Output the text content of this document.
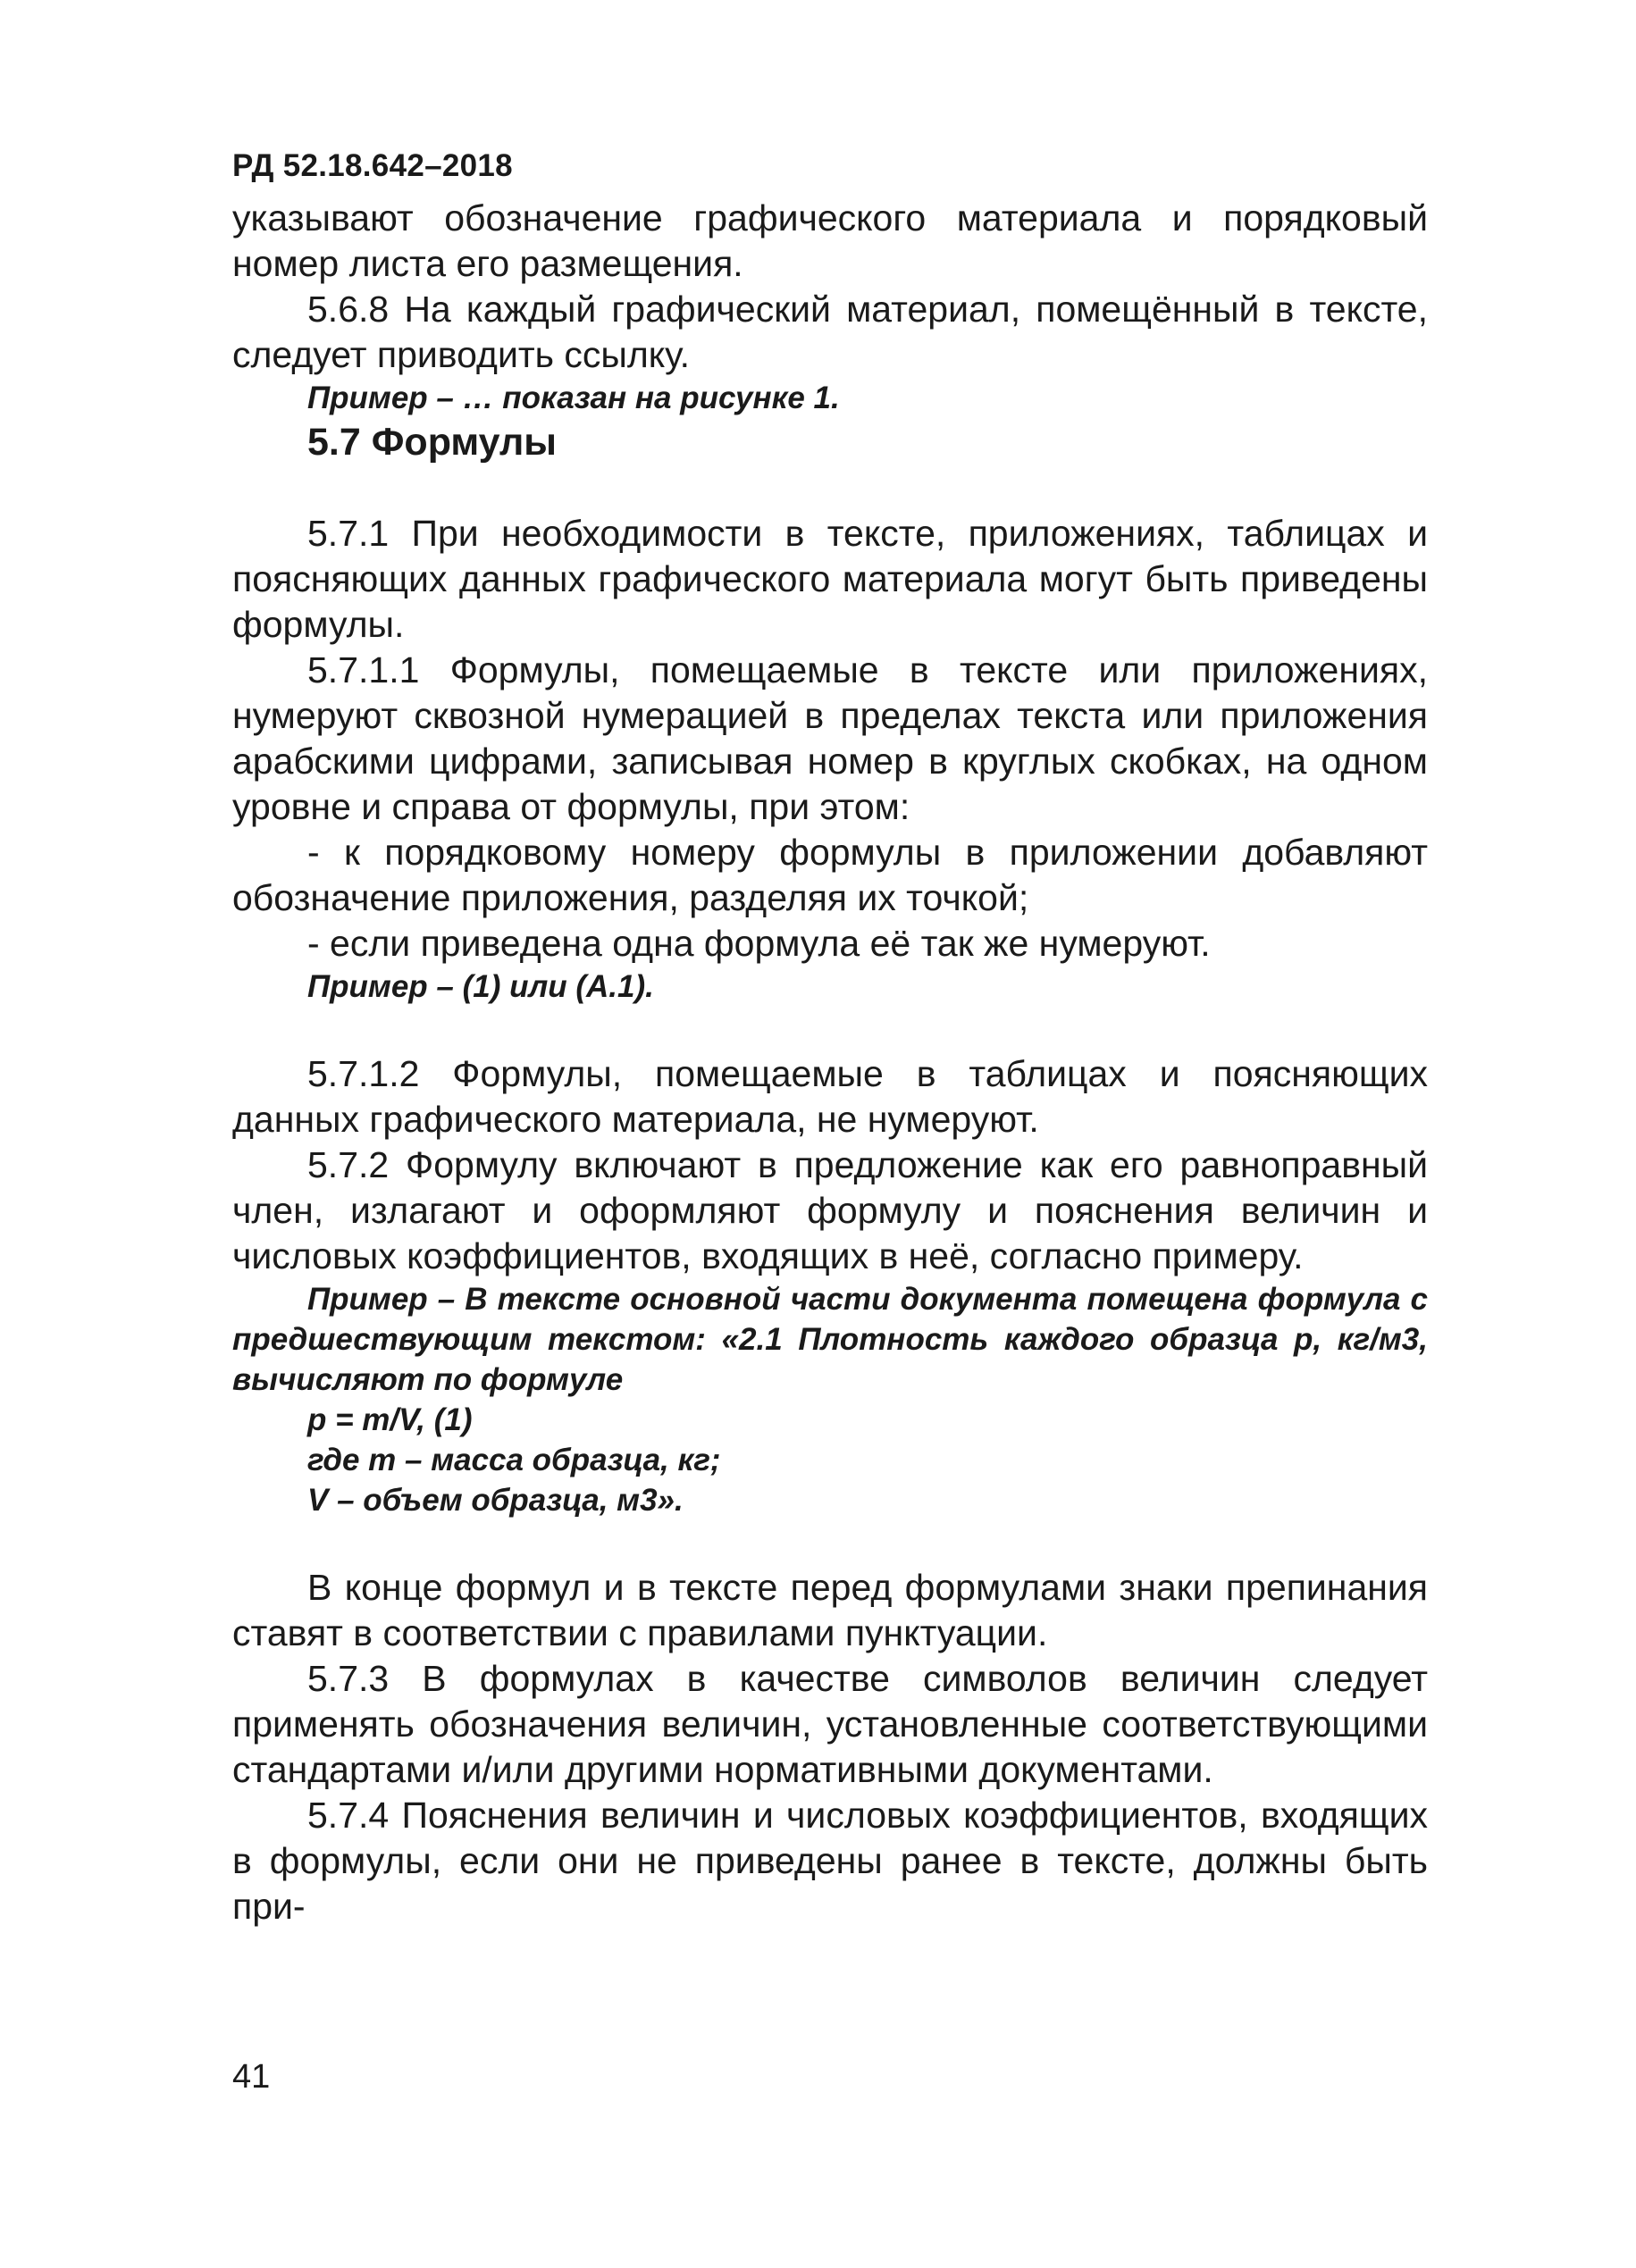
РД 52.18.642–2018

указывают обозначение графического материала и порядковый номер листа его размещения.

5.6.8 На каждый графический материал, помещённый в тексте, следует приводить ссылку.

Пример – … показан на рисунке 1.

5.7 Формулы

5.7.1 При необходимости в тексте, приложениях, таблицах и поясняющих данных графического материала могут быть приведены формулы.

5.7.1.1 Формулы, помещаемые в тексте или приложениях, нумеруют сквозной нумерацией в пределах текста или приложения арабскими цифрами, записывая номер в круглых скобках, на одном уровне и справа от формулы, при этом:

- к порядковому номеру формулы в приложении добавляют обозначение приложения, разделяя их точкой;

- если приведена одна формула её так же нумеруют.

Пример – (1) или (А.1).

5.7.1.2 Формулы, помещаемые в таблицах и поясняющих данных графического материала, не нумеруют.

5.7.2 Формулу включают в предложение как его равноправный член, излагают и оформляют формулу и пояснения величин и числовых коэффициентов, входящих в неё, согласно примеру.

Пример – В тексте основной части документа помещена формула с предшествующим текстом: «2.1 Плотность каждого образца p, кг/м3, вычисляют по формуле

p = m/V, (1)

где m – масса образца, кг;

V – объем образца, м3».

В конце формул и в тексте перед формулами знаки препинания ставят в соответствии с правилами пунктуации.

5.7.3 В формулах в качестве символов величин следует применять обозначения величин, установленные соответствующими стандартами и/или другими нормативными документами.

5.7.4 Пояснения величин и числовых коэффициентов, входящих в формулы, если они не приведены ранее в тексте, должны быть при-

41
